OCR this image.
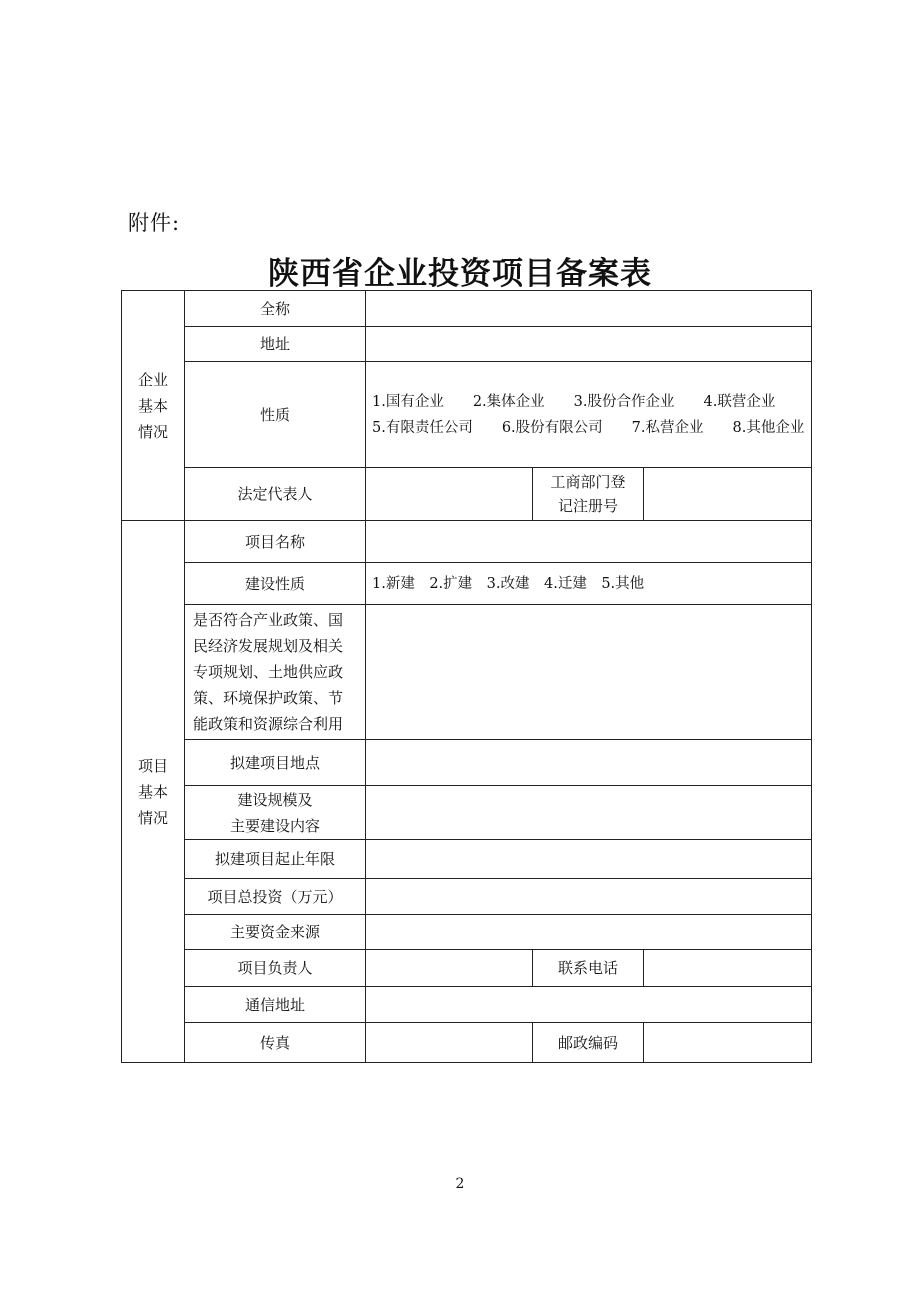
附件:
陕西省企业投资项目备案表
企业
基本
情况	全称			
	地址			
	性质	1.国有企业　　2.集体企业　　3.股份合作企业　　4.联营企业
5.有限责任公司　　6.股份有限公司　　7.私营企业　　8.其他企业		

	法定代表人		工商部门登记注册号	
项目
基本
情况	项目名称			
	建设性质	1.新建　2.扩建　3.改建　4.迁建　5.其他		
	是否符合产业政策、国民经济发展规划及相关专项规划、土地供应政策、环境保护政策、节能政策和资源综合利用			
	拟建项目地点			
	建设规模及
主要建设内容			
	拟建项目起止年限			
	项目总投资（万元）			
	主要资金来源			
	项目负责人		联系电话	
	通信地址			
	传真		邮政编码	
2
